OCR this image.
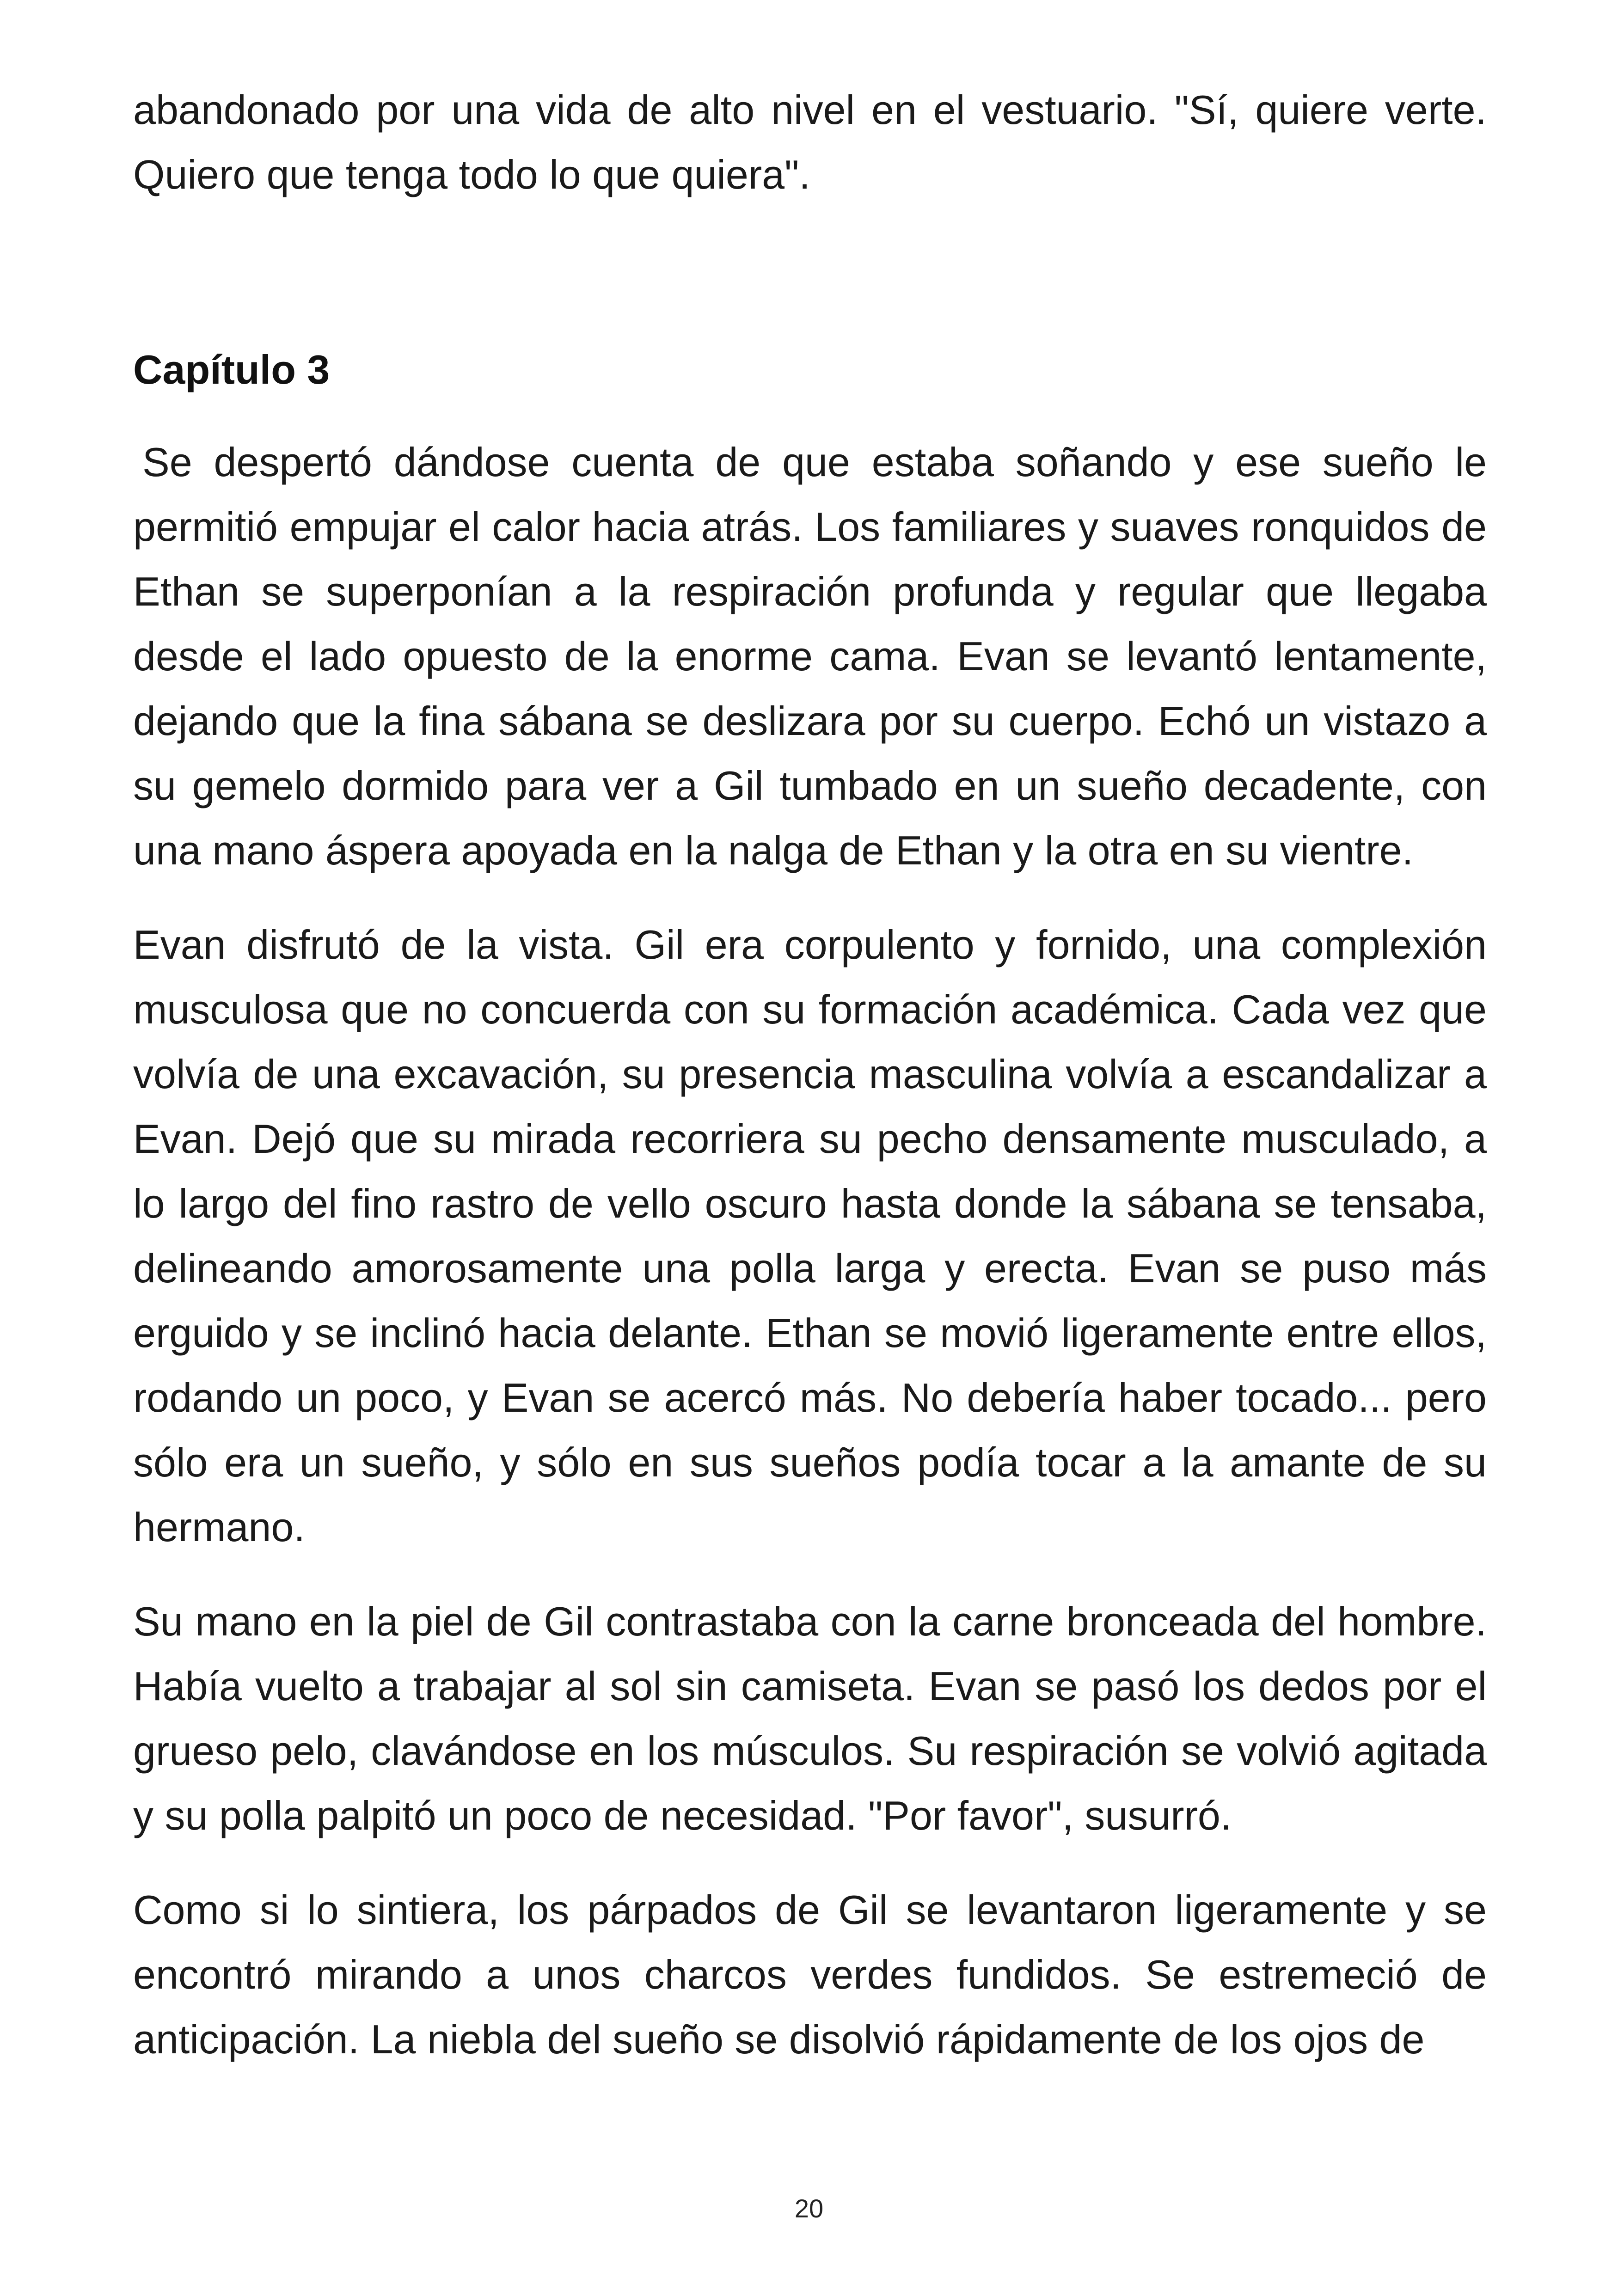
abandonado por una vida de alto nivel en el vestuario. "Sí, quiere verte. Quiero que tenga todo lo que quiera".

Capítulo 3

Se despertó dándose cuenta de que estaba soñando y ese sueño le permitió empujar el calor hacia atrás. Los familiares y suaves ronquidos de Ethan se superponían a la respiración profunda y regular que llegaba desde el lado opuesto de la enorme cama. Evan se levantó lentamente, dejando que la fina sábana se deslizara por su cuerpo. Echó un vistazo a su gemelo dormido para ver a Gil tumbado en un sueño decadente, con una mano áspera apoyada en la nalga de Ethan y la otra en su vientre.

Evan disfrutó de la vista. Gil era corpulento y fornido, una complexión musculosa que no concuerda con su formación académica. Cada vez que volvía de una excavación, su presencia masculina volvía a escandalizar a Evan. Dejó que su mirada recorriera su pecho densamente musculado, a lo largo del fino rastro de vello oscuro hasta donde la sábana se tensaba, delineando amorosamente una polla larga y erecta. Evan se puso más erguido y se inclinó hacia delante. Ethan se movió ligeramente entre ellos, rodando un poco, y Evan se acercó más. No debería haber tocado... pero sólo era un sueño, y sólo en sus sueños podía tocar a la amante de su hermano.

Su mano en la piel de Gil contrastaba con la carne bronceada del hombre. Había vuelto a trabajar al sol sin camiseta. Evan se pasó los dedos por el grueso pelo, clavándose en los músculos. Su respiración se volvió agitada y su polla palpitó un poco de necesidad. "Por favor", susurró.

Como si lo sintiera, los párpados de Gil se levantaron ligeramente y se encontró mirando a unos charcos verdes fundidos. Se estremeció de anticipación. La niebla del sueño se disolvió rápidamente de los ojos de

20
